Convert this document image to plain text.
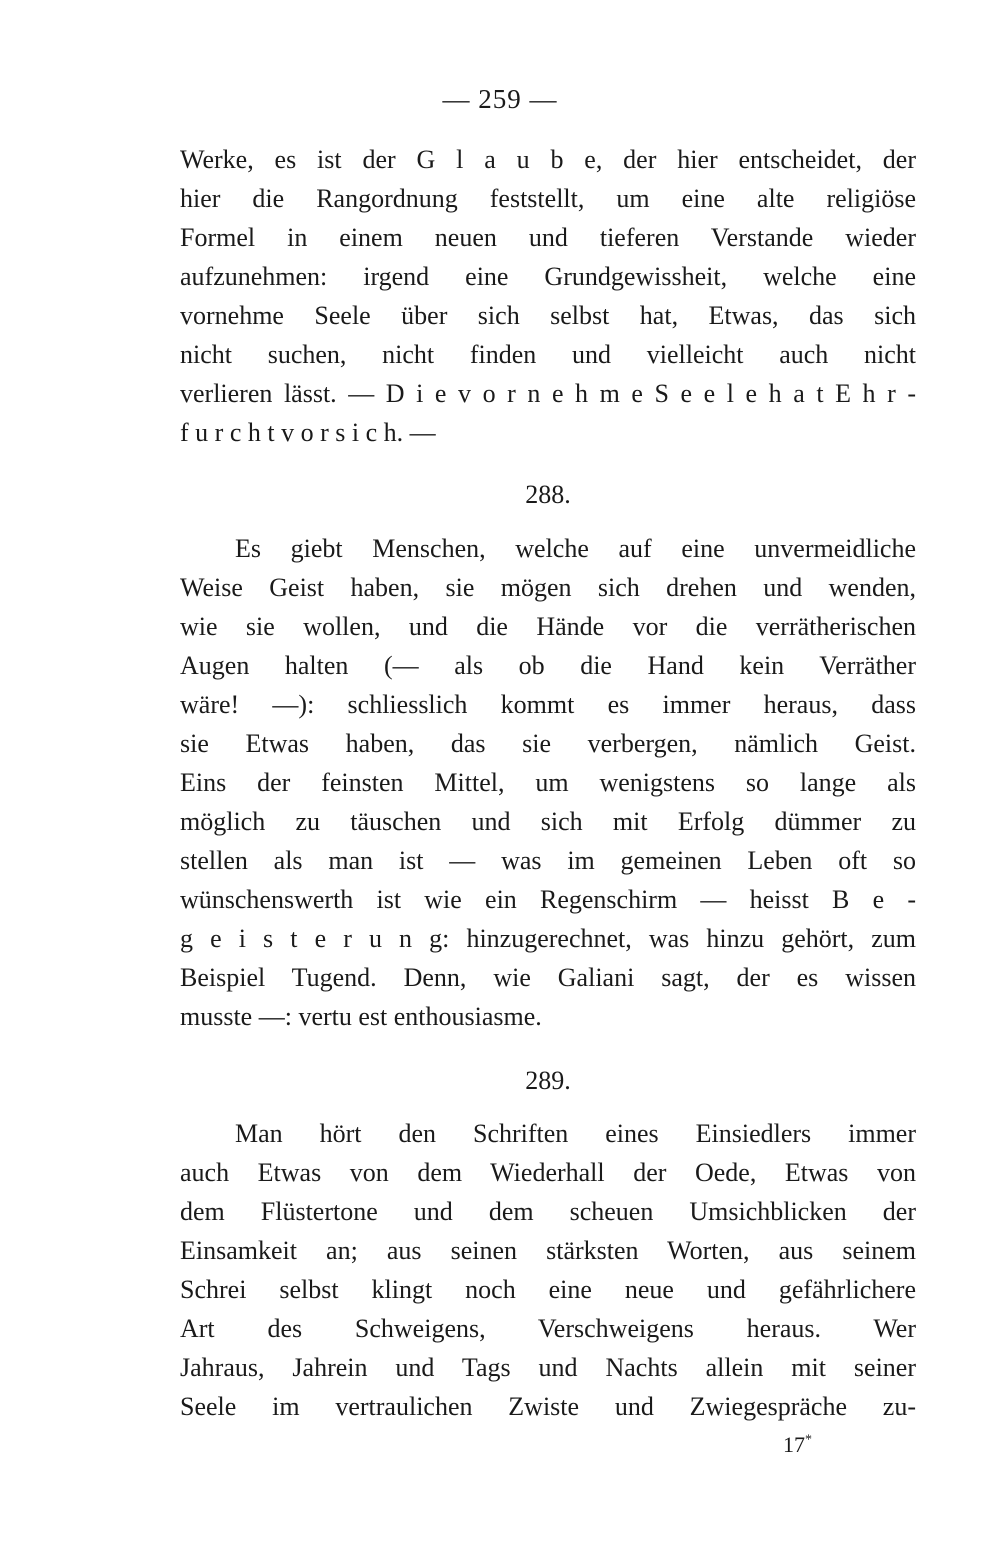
— 259 —
Werke, es ist der G l a u b e, der hier entscheidet, der
hier die Rangordnung feststellt, um eine alte religiöse
Formel in einem neuen und tieferen Verstande wieder
aufzunehmen: irgend eine Grundgewissheit, welche eine
vornehme Seele über sich selbst hat, Etwas, das sich
nicht suchen, nicht finden und vielleicht auch nicht
verlieren lässt. — D i e v o r n e h m e S e e l e h a t E h r -
f u r c h t v o r s i c h. —
288.
Es giebt Menschen, welche auf eine unvermeidliche
Weise Geist haben, sie mögen sich drehen und wenden,
wie sie wollen, und die Hände vor die verrätherischen
Augen halten (— als ob die Hand kein Verräther
wäre! —): schliesslich kommt es immer heraus, dass
sie Etwas haben, das sie verbergen, nämlich Geist.
Eins der feinsten Mittel, um wenigstens so lange als
möglich zu täuschen und sich mit Erfolg dümmer zu
stellen als man ist — was im gemeinen Leben oft so
wünschenswerth ist wie ein Regenschirm — heisst B e -
g e i s t e r u n g: hinzugerechnet, was hinzu gehört, zum
Beispiel Tugend. Denn, wie Galiani sagt, der es wissen
musste —: vertu est enthousiasme.
289.
Man hört den Schriften eines Einsiedlers immer
auch Etwas von dem Wiederhall der Oede, Etwas von
dem Flüstertone und dem scheuen Umsichblicken der
Einsamkeit an; aus seinen stärksten Worten, aus seinem
Schrei selbst klingt noch eine neue und gefährlichere
Art des Schweigens, Verschweigens heraus. Wer
Jahraus, Jahrein und Tags und Nachts allein mit seiner
Seele im vertraulichen Zwiste und Zwiegespräche zu-
17*
